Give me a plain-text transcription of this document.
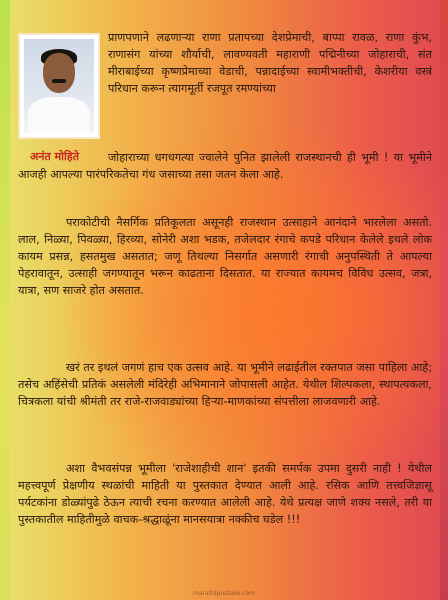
अनंत मोहिते

प्राणपणाने लढणाऱ्या राणा प्रतापच्या देशप्रेमाची, बाप्पा रावळ, राणा कुंभ, राणासंग यांच्या शौर्याची, लावण्यवती महाराणी पद्मिनीच्या जोहाराची, संत मीराबाईच्या कृष्णप्रेमाच्या वेडाची, पन्नादाईच्या स्वामीभक्तीची, केशरीया वस्त्रं परिधान करून त्यागमूर्ती रजपूत रमण्यांच्या

जोहाराच्या धगधगत्या ज्वालेने पुनित झालेली राजस्थानची ही भूमी ! या भूमीने आजही आपल्या पारंपरिकतेचा गंध जसाच्या तसा जतन केला आहे.

पराकोटीची नैसर्गिक प्रतिकूलता असूनही राजस्थान उत्साहाने आनंदाने भारलेला असतो. लाल, निळ्या, पिवळ्या, हिरव्या, सोनेरी अशा भडक, तजेलदार रंगाचे कपडे परिधान केलेले इथले लोक कायम प्रसन्न, हसतमुख असतात; जणू तिथल्या निसर्गात असणारी रंगाची अनुपस्थिती ते आपल्या पेहरावातून, उत्साही जगण्यातून भरून काढताना दिसतात. या राज्यात कायमच विविध उत्सव, जत्रा, यात्रा, सण साजरे होत असतात.

खरं तर इथलं जगणं हाच एक उत्सव आहे. या भूमीने लढाईतील रक्तपात जसा पाहिला आहे; तसेच अहिंसेची प्रतिकं असलेली मंदिरेही अभिमानाने जोपासली आहेत. येथील शिल्पकला, स्थापत्यकला, चित्रकला यांची श्रीमंती तर राजे-राजवाड्यांच्या हिऱ्या-माणकांच्या संपत्तीला लाजवणारी आहे.

अशा वैभवसंपन्न भूमीला 'राजेशाहीची शान' इतकी समर्पक उपमा दुसरी नाही ! येथील महत्त्वपूर्ण प्रेक्षणीय स्थळांची माहिती या पुस्तकात देण्यात आली आहे. रसिक आणि तत्त्वजिज्ञासू पर्यटकांना डोळ्यांपुढे ठेऊन त्याची रचना करण्यात आलेली आहे. येथे प्रत्यक्ष जाणे शक्य नसले, तरी या पुस्तकातील माहितीमुळे वाचक-श्रद्धाळूंना मानसयात्रा नक्कीच घडेल !!!

marathipustake.com
